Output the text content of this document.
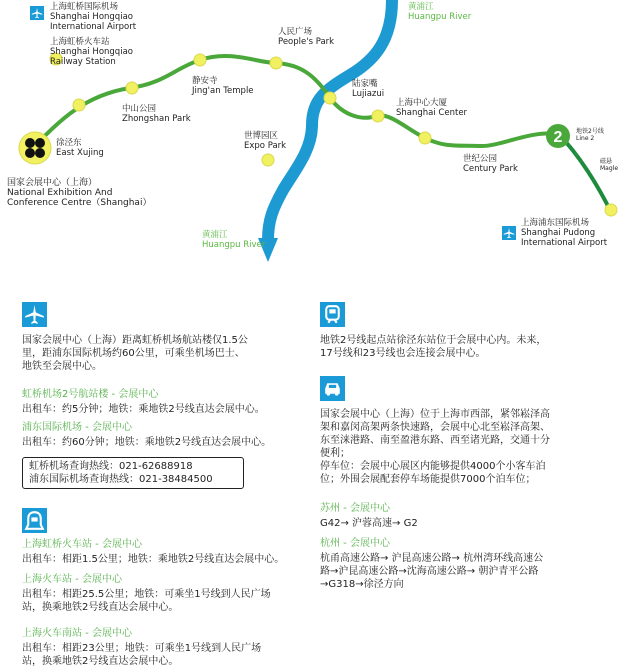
2
上海虹桥国际机场
Shanghai Hongqiao
International Airport
上海虹桥火车站
Shanghai Hongqiao
Railway Station
人民广场
People's Park
静安寺
Jing'an Temple
中山公园
Zhongshan Park
陆家嘴
Lujiazui
上海中心大厦
Shanghai Center
世纪公园
Century Park
世博园区
Expo Park
徐泾东
East Xujing
国家会展中心（上海）
National Exhibition And
Conference Centre（Shanghai）
上海浦东国际机场
Shanghai Pudong
International Airport
黄浦江
Huangpu River
黄浦江
Huangpu River
地铁2号线
Line 2
磁悬
Magle
国家会展中心（上海）距离虹桥机场航站楼仅1.5公
里，距浦东国际机场约60公里，可乘坐机场巴士、
地铁至会展中心。
虹桥机场2号航站楼 - 会展中心
出租车：约5分钟；地铁：乘地铁2号线直达会展中心。
浦东国际机场 - 会展中心
出租车：约60分钟；地铁：乘地铁2号线直达会展中心。
虹桥机场查询热线：021-62688918
浦东国际机场查询热线：021-38484500
上海虹桥火车站 - 会展中心
出租车：相距1.5公里；地铁：乘地铁2号线直达会展中心。
上海火车站 - 会展中心
出租车：相距25.5公里；地铁：可乘坐1号线到人民广场
站，换乘地铁2号线直达会展中心。
上海火车南站 - 会展中心
出租车：相距23公里；地铁：可乘坐1号线到人民广场
站，换乘地铁2号线直达会展中心。
地铁2号线起点站徐泾东站位于会展中心内。未来，
17号线和23号线也会连接会展中心。
国家会展中心（上海）位于上海市西部，紧邻崧泽高
架和嘉闵高架两条快速路，会展中心北至崧泽高架、
东至涞港路、南至盈港东路、西至诸光路，交通十分
便利；
停车位：会展中心展区内能够提供4000个小客车泊
位；外围会展配套停车场能提供7000个泊车位；
苏州 - 会展中心
G42→ 沪蓉高速→ G2
杭州 - 会展中心
杭甬高速公路→ 沪昆高速公路→ 杭州湾环线高速公
路→沪昆高速公路→沈海高速公路→ 朝沪青平公路
→G318→徐泾方向
